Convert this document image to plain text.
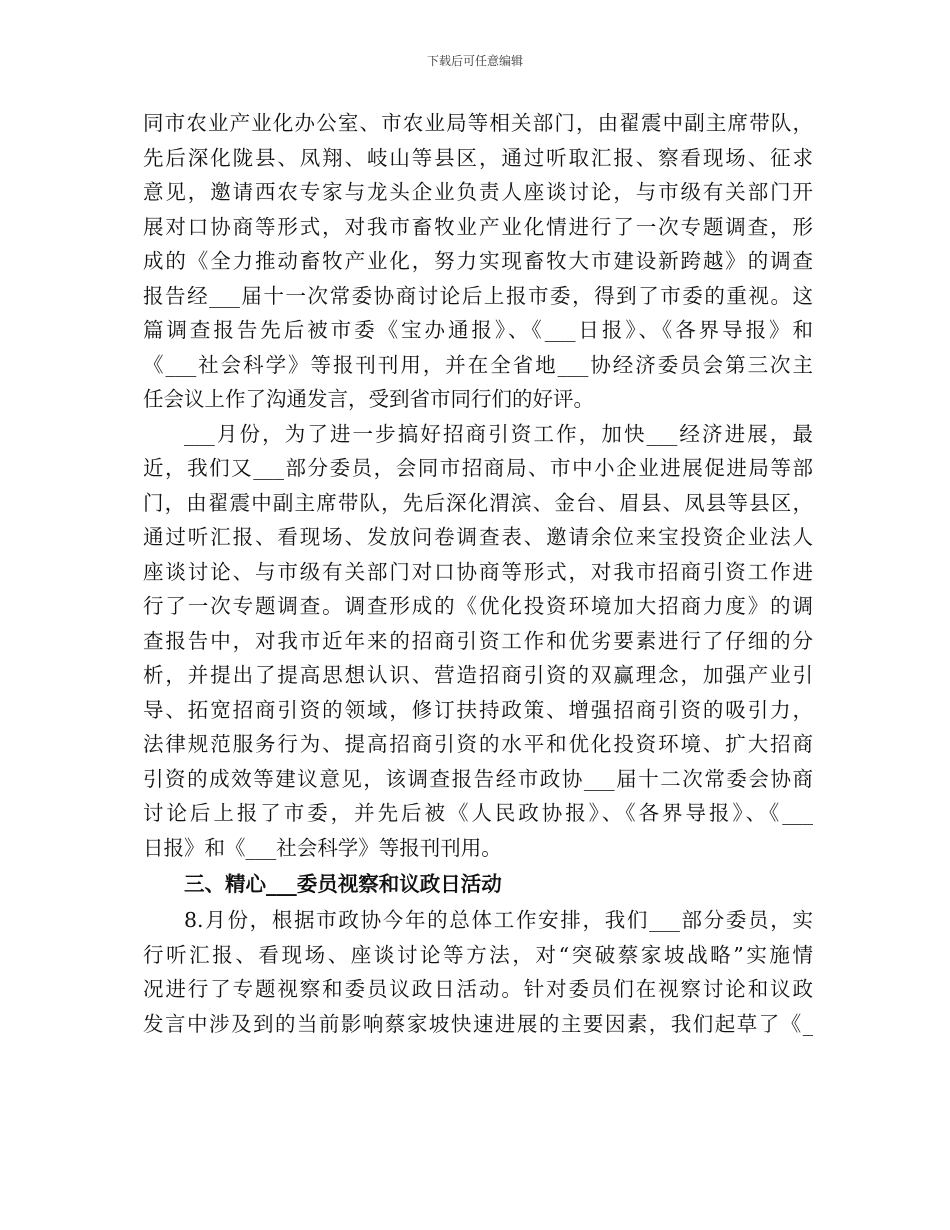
下载后可任意编辑
同市农业产业化办公室、市农业局等相关部门，由翟震中副主席带队，
先后深化陇县、凤翔、岐山等县区，通过听取汇报、察看现场、征求
意见，邀请西农专家与龙头企业负责人座谈讨论，与市级有关部门开
展对口协商等形式，对我市畜牧业产业化情进行了一次专题调查，形
成的《全力推动畜牧产业化，努力实现畜牧大市建设新跨越》的调查
报告经___届十一次常委协商讨论后上报市委，得到了市委的重视。这
篇调查报告先后被市委《宝办通报》、《___日报》、《各界导报》和
《___社会科学》等报刊刊用，并在全省地___协经济委员会第三次主
任会议上作了沟通发言，受到省市同行们的好评。
___月份，为了进一步搞好招商引资工作，加快___经济进展，最
近，我们又___部分委员，会同市招商局、市中小企业进展促进局等部
门，由翟震中副主席带队，先后深化渭滨、金台、眉县、凤县等县区，
通过听汇报、看现场、发放问卷调查表、邀请余位来宝投资企业法人
座谈讨论、与市级有关部门对口协商等形式，对我市招商引资工作进
行了一次专题调查。调查形成的《优化投资环境加大招商力度》的调
查报告中，对我市近年来的招商引资工作和优劣要素进行了仔细的分
析，并提出了提高思想认识、营造招商引资的双赢理念，加强产业引
导、拓宽招商引资的领域，修订扶持政策、增强招商引资的吸引力，
法律规范服务行为、提高招商引资的水平和优化投资环境、扩大招商
引资的成效等建议意见，该调查报告经市政协___届十二次常委会协商
讨论后上报了市委，并先后被《人民政协报》、《各界导报》、《___
日报》和《___社会科学》等报刊刊用。
三、精心___委员视察和议政日活动
8.月份，根据市政协今年的总体工作安排，我们___部分委员，实
行听汇报、看现场、座谈讨论等方法，对“突破蔡家坡战略”实施情
况进行了专题视察和委员议政日活动。针对委员们在视察讨论和议政
发言中涉及到的当前影响蔡家坡快速进展的主要因素，我们起草了《_
